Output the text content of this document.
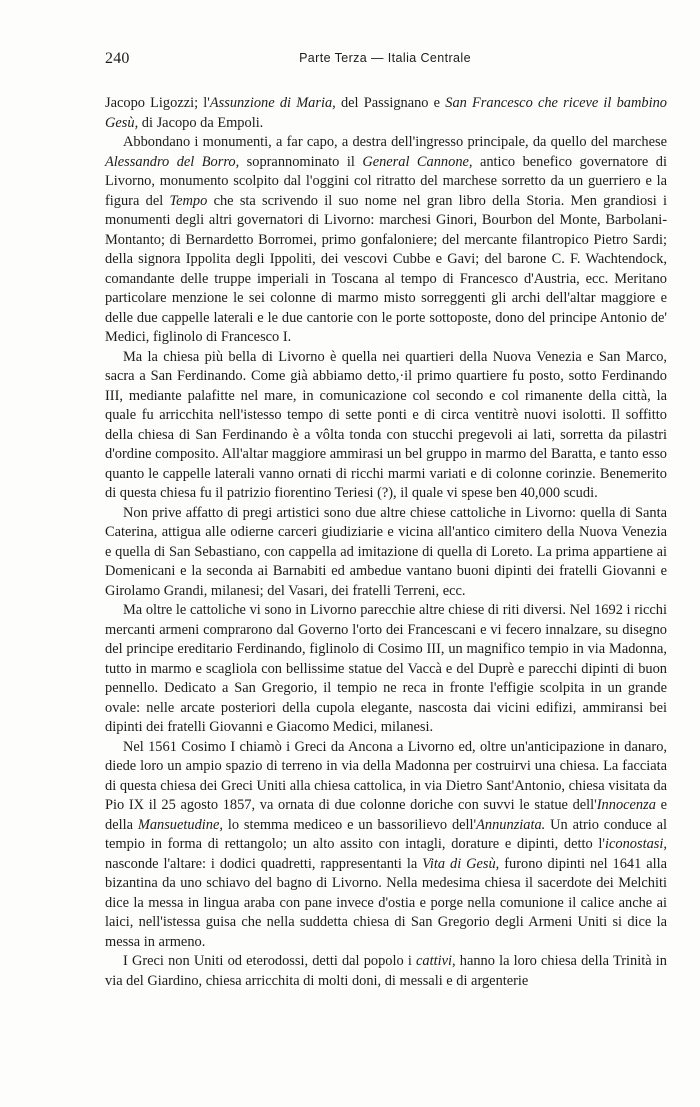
240	Parte Terza — Italia Centrale

Jacopo Ligozzi; l'Assunzione di Maria, del Passignano e San Francesco che riceve il bambino Gesù, di Jacopo da Empoli.

Abbondano i monumenti, a far capo, a destra dell'ingresso principale, da quello del marchese Alessandro del Borro, soprannominato il General Cannone, antico benefico governatore di Livorno, monumento scolpito dal l'oggini col ritratto del marchese sorretto da un guerriero e la figura del Tempo che sta scrivendo il suo nome nel gran libro della Storia. Men grandiosi i monumenti degli altri governatori di Livorno: marchesi Ginori, Bourbon del Monte, Barbolani-Montanto; di Bernardetto Borromei, primo gonfaloniere; del mercante filantropico Pietro Sardi; della signora Ippolita degli Ippoliti, dei vescovi Cubbe e Gavi; del barone C. F. Wachtendock, comandante delle truppe imperiali in Toscana al tempo di Francesco d'Austria, ecc. Meritano particolare menzione le sei colonne di marmo misto sorreggenti gli archi dell'altar maggiore e delle due cappelle laterali e le due cantorie con le porte sottoposte, dono del principe Antonio de' Medici, figlinolo di Francesco I.

Ma la chiesa più bella di Livorno è quella nei quartieri della Nuova Venezia e San Marco, sacra a San Ferdinando. Come già abbiamo detto,·il primo quartiere fu posto, sotto Ferdinando III, mediante palafitte nel mare, in comunicazione col secondo e col rimanente della città, la quale fu arricchita nell'istesso tempo di sette ponti e di circa ventitrè nuovi isolotti. Il soffitto della chiesa di San Ferdinando è a vôlta tonda con stucchi pregevoli ai lati, sorretta da pilastri d'ordine composito. All'altar maggiore ammirasi un bel gruppo in marmo del Baratta, e tanto esso quanto le cappelle laterali vanno ornati di ricchi marmi variati e di colonne corinzie. Benemerito di questa chiesa fu il patrizio fiorentino Teriesi (?), il quale vi spese ben 40,000 scudi.

Non prive affatto di pregi artistici sono due altre chiese cattoliche in Livorno: quella di Santa Caterina, attigua alle odierne carceri giudiziarie e vicina all'antico cimitero della Nuova Venezia e quella di San Sebastiano, con cappella ad imitazione di quella di Loreto. La prima appartiene ai Domenicani e la seconda ai Barnabiti ed ambedue vantano buoni dipinti dei fratelli Giovanni e Girolamo Grandi, milanesi; del Vasari, dei fratelli Terreni, ecc.

Ma oltre le cattoliche vi sono in Livorno parecchie altre chiese di riti diversi. Nel 1692 i ricchi mercanti armeni comprarono dal Governo l'orto dei Francescani e vi fecero innalzare, su disegno del principe ereditario Ferdinando, figlinolo di Cosimo III, un magnifico tempio in via Madonna, tutto in marmo e scagliola con bellissime statue del Vaccà e del Duprè e parecchi dipinti di buon pennello. Dedicato a San Gregorio, il tempio ne reca in fronte l'effigie scolpita in un grande ovale: nelle arcate posteriori della cupola elegante, nascosta dai vicini edifizi, ammiransi bei dipinti dei fratelli Giovanni e Giacomo Medici, milanesi.

Nel 1561 Cosimo I chiamò i Greci da Ancona a Livorno ed, oltre un'anticipazione in danaro, diede loro un ampio spazio di terreno in via della Madonna per costruirvi una chiesa. La facciata di questa chiesa dei Greci Uniti alla chiesa cattolica, in via Dietro Sant'Antonio, chiesa visitata da Pio IX il 25 agosto 1857, va ornata di due colonne doriche con suvvi le statue dell'Innocenza e della Mansuetudine, lo stemma mediceo e un bassorilievo dell'Annunziata. Un atrio conduce al tempio in forma di rettangolo; un alto assito con intagli, dorature e dipinti, detto l'iconostasi, nasconde l'altare: i dodici quadretti, rappresentanti la Vita di Gesù, furono dipinti nel 1641 alla bizantina da uno schiavo del bagno di Livorno. Nella medesima chiesa il sacerdote dei Melchiti dice la messa in lingua araba con pane invece d'ostia e porge nella comunione il calice anche ai laici, nell'istessa guisa che nella suddetta chiesa di San Gregorio degli Armeni Uniti si dice la messa in armeno.

I Greci non Uniti od eterodossi, detti dal popolo i cattivi, hanno la loro chiesa della Trinità in via del Giardino, chiesa arricchita di molti doni, di messali e di argenterie
